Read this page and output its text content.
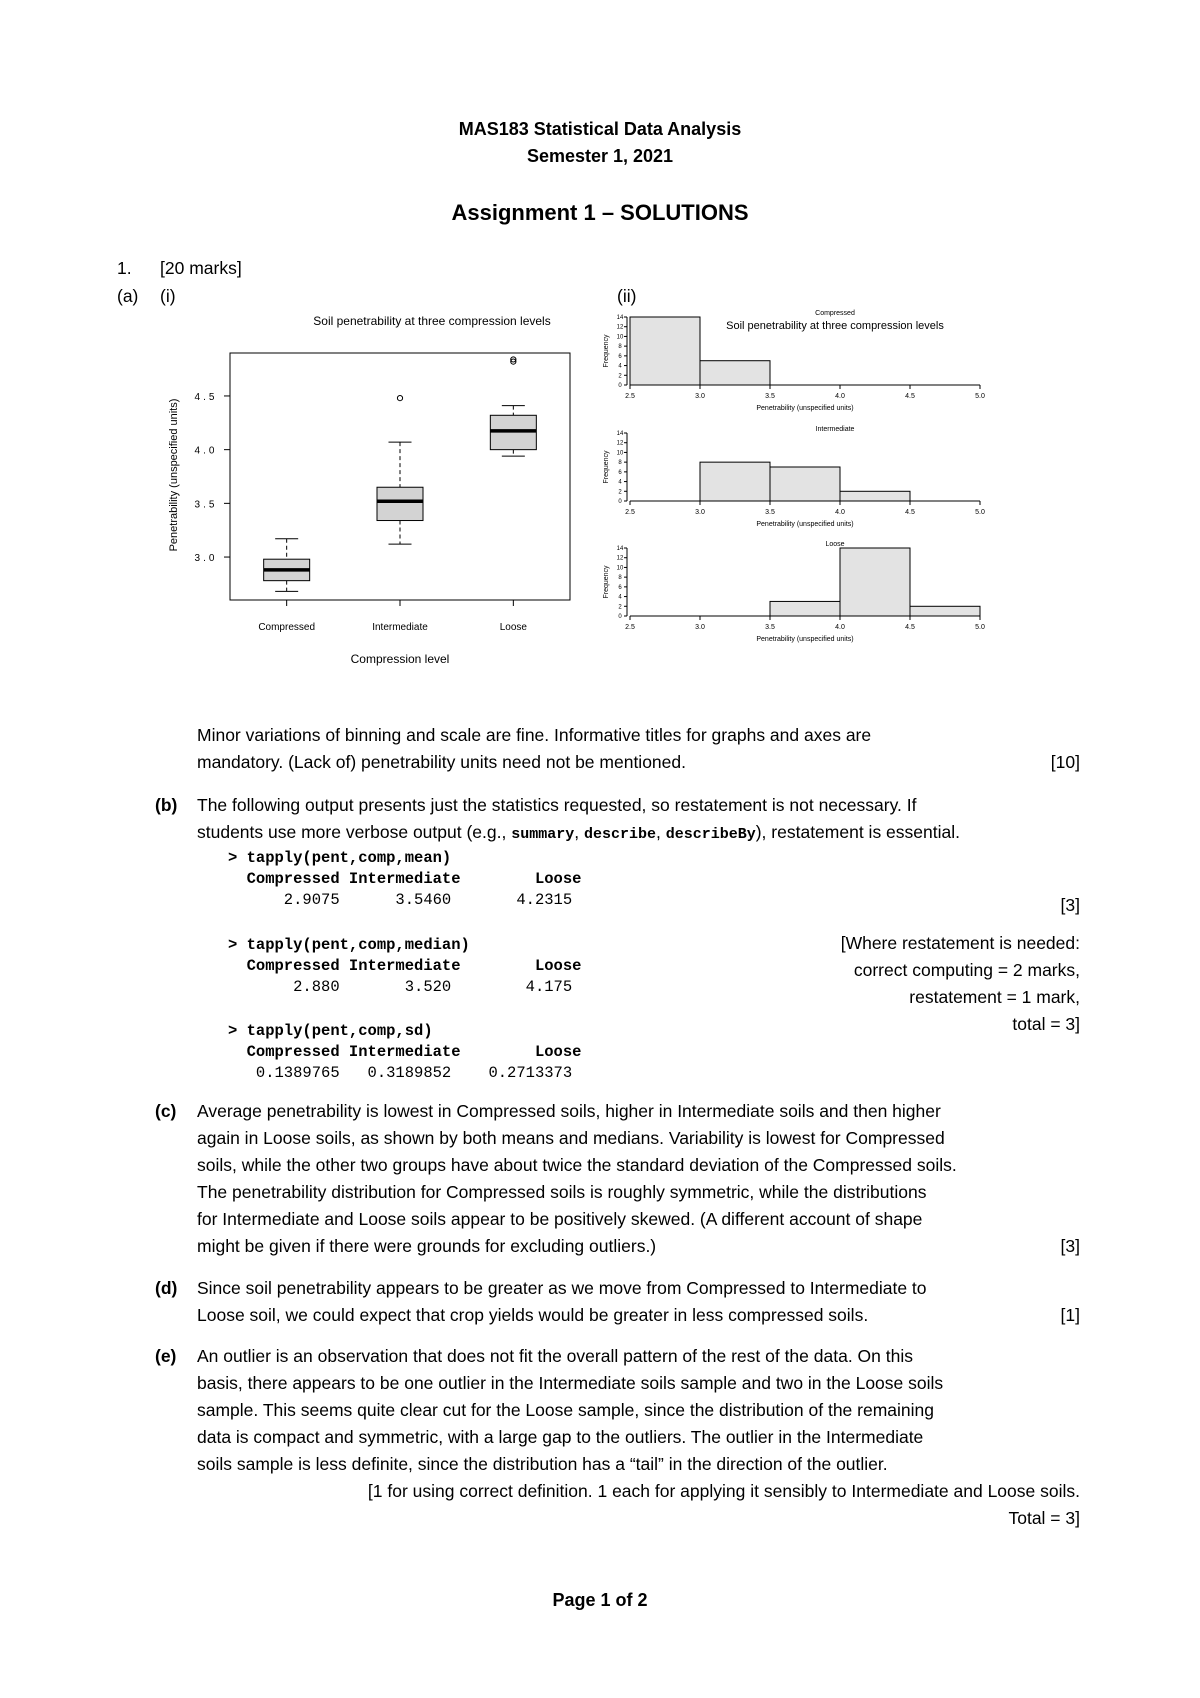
MAS183 Statistical Data Analysis
Semester 1, 2021
Assignment 1 – SOLUTIONS
1. [20 marks]
(a) (i)	(ii)
Soil penetrability at three compression levels
3.0
3.5
4.0
4.5
Compressed	Intermediate	Loose
Compression level
Penetrability (unspecified units)
Soil penetrability at three compression levels
Compressed
0
2
4
6
8
10
12
14
Frequency
2.5	3.0	3.5	4.0	4.5	5.0
Penetrability (unspecified units)
Intermediate
0
2
4
6
8
10
12
14
Frequency
2.5	3.0	3.5	4.0	4.5	5.0
Penetrability (unspecified units)
Loose
0
2
4
6
8
10
12
14
Frequency
2.5	3.0	3.5	4.0	4.5	5.0
Penetrability (unspecified units)
Minor variations of binning and scale are fine. Informative titles for graphs and axes are
mandatory. (Lack of) penetrability units need not be mentioned.	[10]
(b) The following output presents just the statistics requested, so restatement is not necessary. If
students use more verbose output (e.g., summary, describe, describeBy), restatement is essential.
> tapply(pent,comp,mean)
Compressed Intermediate        Loose
2.9075      3.5460       4.2315	[3]
> tapply(pent,comp,median)
Compressed Intermediate        Loose
2.880       3.520        4.175
> tapply(pent,comp,sd)
Compressed Intermediate        Loose
0.1389765   0.3189852    0.2713373
[Where restatement is needed:
correct computing = 2 marks,
restatement = 1 mark,
total = 3]
(c) Average penetrability is lowest in Compressed soils, higher in Intermediate soils and then higher
again in Loose soils, as shown by both means and medians. Variability is lowest for Compressed
soils, while the other two groups have about twice the standard deviation of the Compressed soils.
The penetrability distribution for Compressed soils is roughly symmetric, while the distributions
for Intermediate and Loose soils appear to be positively skewed. (A different account of shape
might be given if there were grounds for excluding outliers.)	[3]
(d) Since soil penetrability appears to be greater as we move from Compressed to Intermediate to
Loose soil, we could expect that crop yields would be greater in less compressed soils.	[1]
(e) An outlier is an observation that does not fit the overall pattern of the rest of the data. On this
basis, there appears to be one outlier in the Intermediate soils sample and two in the Loose soils
sample. This seems quite clear cut for the Loose sample, since the distribution of the remaining
data is compact and symmetric, with a large gap to the outliers. The outlier in the Intermediate
soils sample is less definite, since the distribution has a “tail” in the direction of the outlier.
[1 for using correct definition. 1 each for applying it sensibly to Intermediate and Loose soils.
Total = 3]
Page 1 of 2
